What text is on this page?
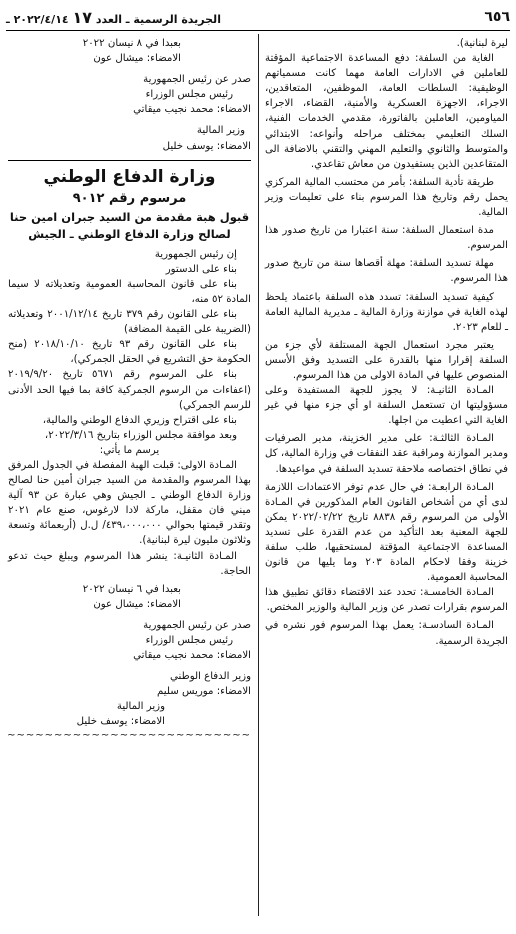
٦٥٦
الجريدة الرسمية ـ العدد ١٧ ٢٠٢٢/٤/١٤ ـ

ليرة لبنانية).

الغاية من السلفة: دفع المساعدة الاجتماعية المؤقتة للعاملين في الادارات العامة مهما كانت مسمياتهم الوظيفية: السلطات العامة، الموظفين، المتعاقدين، الاجراء، الاجهزة العسكرية والأمنية، القضاء، الاجراء المياومين، العاملين بالفاتورة، مقدمي الخدمات الفنية، السلك التعليمي بمختلف مراحله وأنواعه: الابتدائي والمتوسط والثانوي والتعليم المهني والتقني بالاضافة الى المتقاعدين الذين يستفيدون من معاش تقاعدي.

طريقة تأدية السلفة: بأمر من محتسب المالية المركزي يحمل رقم وتاريخ هذا المرسوم بناء على تعليمات وزير المالية.

مدة استعمال السلفة: سنة اعتبارا من تاريخ صدور هذا المرسوم.

مهلة تسديد السلفة: مهلة أقصاها سنة من تاريخ صدور هذا المرسوم.

كيفية تسديد السلفة: تسدد هذه السلفة باعتماد يلحظ لهذه الغاية في موازنة وزارة المالية ـ مديرية المالية العامة ـ للعام ٢٠٢٣.

يعتبر مجرد استعمال الجهة المستلفة لأي جزء من السلفة إقرارا منها بالقدرة على التسديد وفق الأسس المنصوص عليها في المادة الاولى من هذا المرسوم.

المـادة الثانيـة: لا يجوز للجهة المستفيدة وعلى مسؤوليتها ان تستعمل السلفة او أي جزء منها في غير الغاية التي اعطيت من اجلها.

المـادة الثالثـة: على مدير الخزينة، مدير الصرفيات ومدير الموازنة ومراقبة عقد النفقات في وزارة المالية، كل في نطاق اختصاصه ملاحقة تسديد السلفة في مواعيدها.

المـادة الرابعـة: في حال عدم توفر الاعتمادات اللازمة لدى أي من أشخاص القانون العام المذكورين في المـادة الأولى من المرسوم رقم ٨٨٣٨ تاريخ ٢٠٢٢/٠٢/٢٢ يمكن للجهة المعنية بعد التأكيد من عدم القدرة على تسديد المساعدة الاجتماعية المؤقتة لمستحقيها، طلب سلفة خزينة وفقا لاحكام المادة ٢٠٣ وما يليها من قانون المحاسبة العمومية.

المـادة الخامسـة: تحدد عند الاقتضاء دقائق تطبيق هذا المرسوم بقرارات تصدر عن وزير المالية والوزير المختص.

المـادة السادسـة: يعمل بهذا المرسوم فور نشره في الجريدة الرسمية.

بعبدا في ٨ نيسان ٢٠٢٢

الامضاء: ميشال عون

صدر عن رئيس الجمهورية

رئيس مجلس الوزراء

الامضاء: محمد نجيب ميقاتي

وزير المالية

الامضاء: يوسف خليل

وزارة الدفاع الوطني
مرسوم رقم ٩٠١٢
قبول هبة مقدمة من السيد جبران امين حنا لصالح وزارة الدفاع الوطني ـ الجيش

إن رئيس الجمهورية

بناء على الدستور

بناء على قانون المحاسبة العمومية وتعديلاته لا سيما المادة ٥٢ منه،

بناء على القانون رقم ٣٧٩ تاريخ ٢٠٠١/١٢/١٤ وتعديلاته (الضريبة على القيمة المضافة)

بناء على القانون رقم ٩٣ تاريخ ٢٠١٨/١٠/١٠ (منح الحكومة حق التشريع في الحقل الجمركي)،

بناء على المرسوم رقم ٥٦٧١ تاريخ ٢٠١٩/٩/٢٠ (اعفاءات من الرسوم الجمركية كافة بما فيها الحد الأدنى للرسم الجمركي)

بناء على اقتراح وزيري الدفاع الوطني والمالية،

وبعد موافقة مجلس الوزراء بتاريخ ٢٠٢٢/٣/١٦،

يرسم ما يأتي:

المـادة الاولى: قبلت الهبة المفصلة في الجدول المرفق بهذا المرسوم والمقدمة من السيد جبران أمين حنا لصالح وزارة الدفاع الوطني ـ الجيش وهي عبارة عن ٩٣ آلية ميني فان مقفل، ماركة لادا لارغوس، صنع عام ٢٠٢١ وتقدر قيمتها بحوالي ٤٣٩،٠٠٠،٠٠٠/ ل.ل (أربعمائة وتسعة وثلاثون مليون ليرة لبنانية).

المـادة الثانيـة: ينشر هذا المرسوم ويبلغ حيث تدعو الحاجة.

بعبدا في ٦ نيسان ٢٠٢٢

الامضاء: ميشال عون

صدر عن رئيس الجمهورية

رئيس مجلس الوزراء

الامضاء: محمد نجيب ميقاتي

وزير الدفاع الوطني

الامضاء: موريس سليم

وزير المالية

الامضاء: يوسف خليل

~~~~~~~~~~~~~~~~~~~~~~~~~~
